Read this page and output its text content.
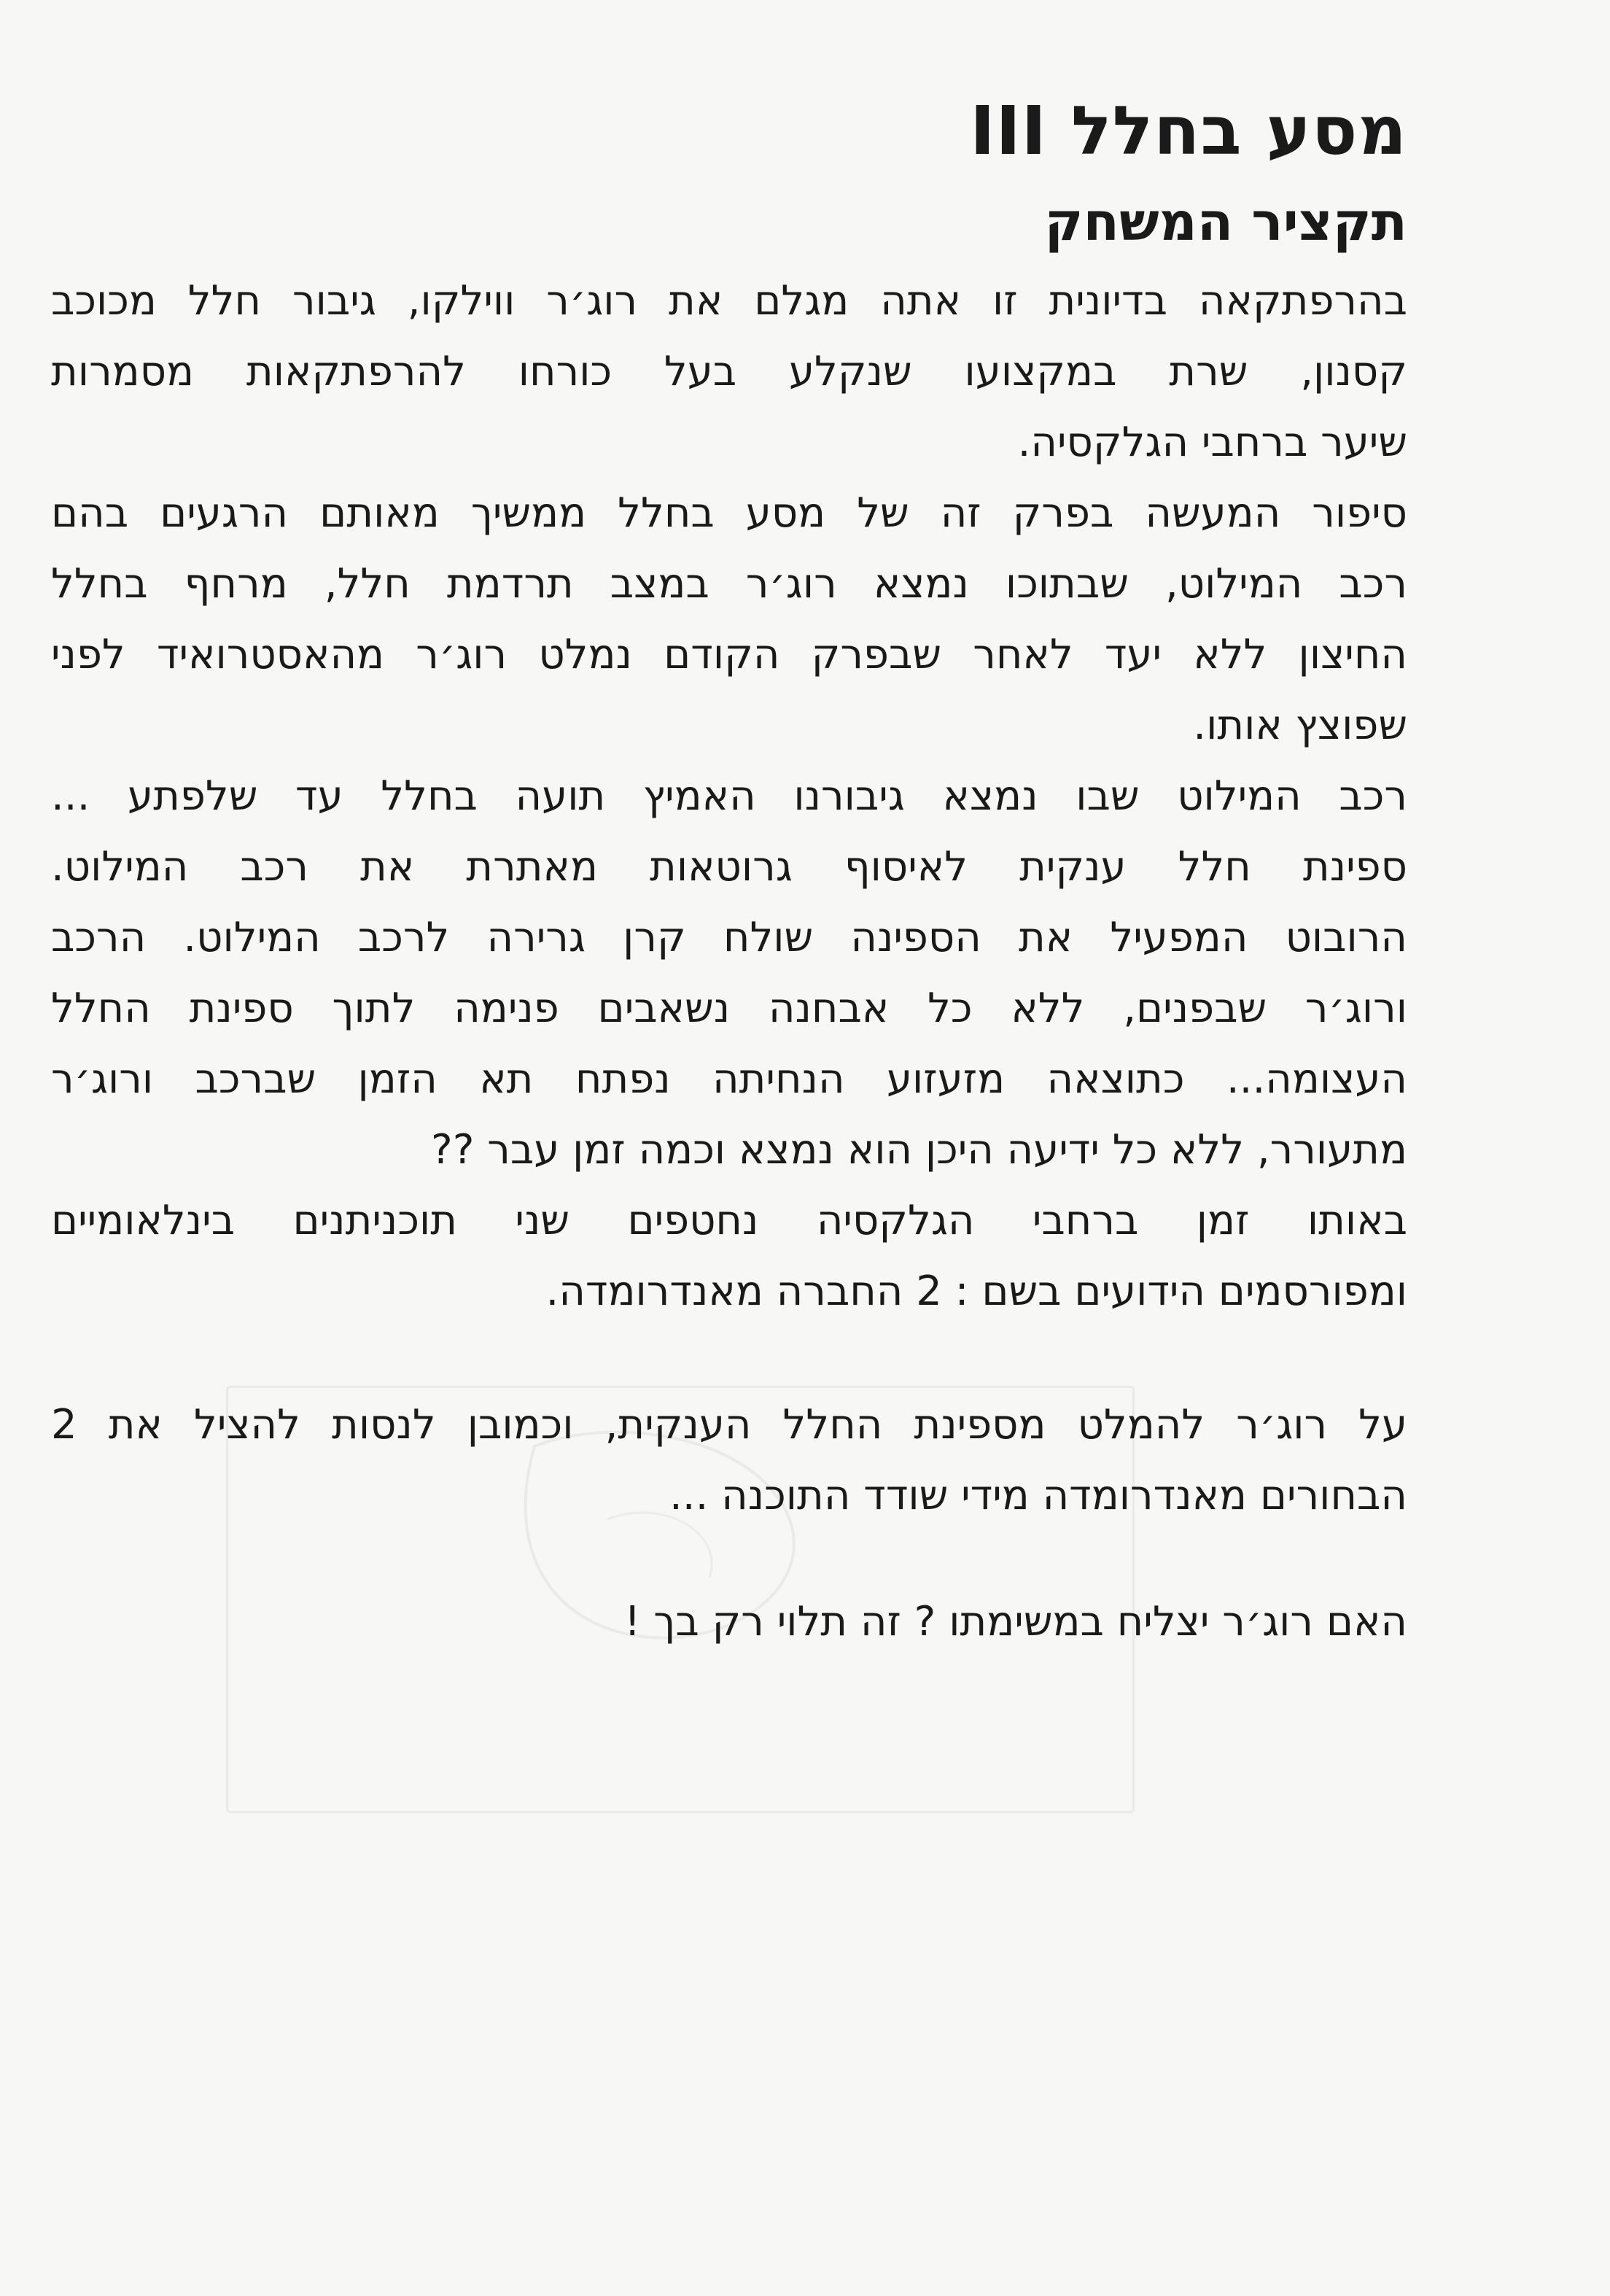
מסע בחלל III
תקציר המשחק
בהרפתקאה בדיונית זו אתה מגלם את רוג׳ר ווילקו, גיבור חלל מכוכב
קסנון, שרת במקצועו שנקלע בעל כורחו להרפתקאות מסמרות
שיער ברחבי הגלקסיה.
סיפור המעשה בפרק זה של מסע בחלל ממשיך מאותם הרגעים בהם
רכב המילוט, שבתוכו נמצא רוג׳ר במצב תרדמת חלל, מרחף בחלל
החיצון ללא יעד לאחר שבפרק הקודם נמלט רוג׳ר מהאסטרואיד לפני
שפוצץ אותו.
רכב המילוט שבו נמצא גיבורנו האמיץ תועה בחלל עד שלפתע ...
ספינת חלל ענקית לאיסוף גרוטאות מאתרת את רכב המילוט.
הרובוט המפעיל את הספינה שולח קרן גרירה לרכב המילוט. הרכב
ורוג׳ר שבפנים, ללא כל אבחנה נשאבים פנימה לתוך ספינת החלל
העצומה... כתוצאה מזעזוע הנחיתה נפתח תא הזמן שברכב ורוג׳ר
מתעורר, ללא כל ידיעה היכן הוא נמצא וכמה זמן עבר ??
באותו זמן ברחבי הגלקסיה נחטפים שני תוכניתנים בינלאומיים
ומפורסמים הידועים בשם : 2 החברה מאנדרומדה.
על רוג׳ר להמלט מספינת החלל הענקית, וכמובן לנסות להציל את 2
הבחורים מאנדרומדה מידי שודד התוכנה ...
האם רוג׳ר יצליח במשימתו ? זה תלוי רק בך !
